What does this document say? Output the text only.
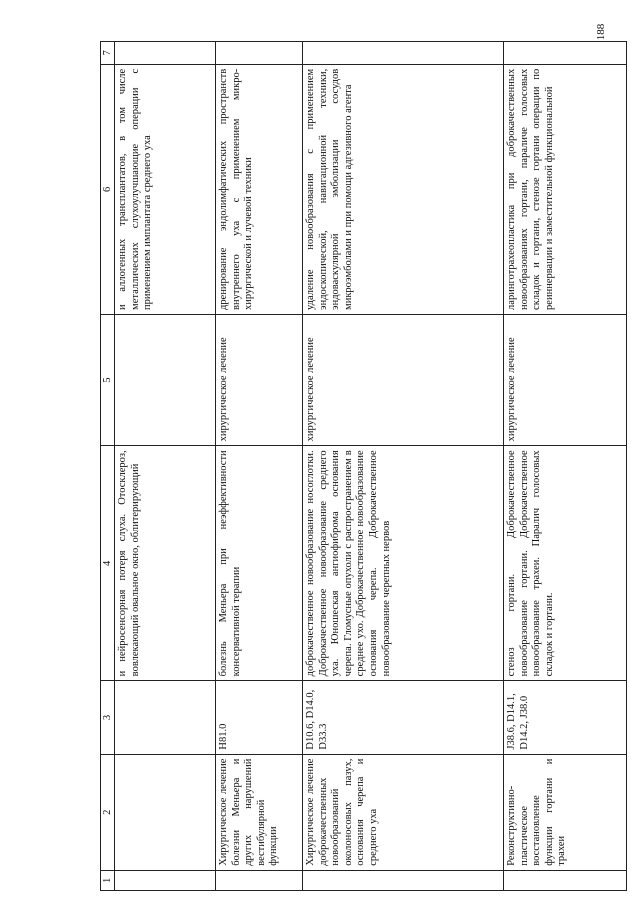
188
1	2	3	4	5	6	7
			и нейросенсорная потеря слуха. Отосклероз, вовлекающий овальное окно, облитерирующий		и аллогенных трансплантатов, в том числе металлических слухоулучшающие операции с применением имплантата среднего уха	
	Хирургическое лечение болезни Меньера и других нарушений вестибулярной функции	H81.0	болезнь Меньера при неэффективности консервативной терапии	хирургическое лечение	дренирование эндолимфатических пространств внутреннего уха с применением микро-хирургической и лучевой техники	
	Хирургическое лечение доброкачественных новообразований околоносовых пазух, основания черепа и среднего уха	D10.6, D14.0, D33.3	доброкачественное новообразование носоглотки. Доброкачественное новообразование среднего уха. Юношеская ангиофиброма основания черепа. Гломусные опухоли с распространением в среднее ухо. Доброкачественное новообразование основания черепа. Доброкачественное новообразование черепных нервов	хирургическое лечение	удаление новообразования с применением эндоскопической, навигационной техники, эндоваскулярной эмболизации сосудов микроэмболами и при помощи адгезивного агента	
	Реконструктивно-пластическое восстановление функции гортани и трахеи	J38.6, D14.1, D14.2, J38.0	стеноз гортани. Доброкачественное новообразование гортани. Доброкачественное новообразование трахеи. Паралич голосовых складок и гортани.	хирургическое лечение	ларинготрахеопластика при доброкачественных новообразованиях гортани, параличе голосовых складок и гортани, стенозе гортани операции по реиннервации и заместительной функциональной	
